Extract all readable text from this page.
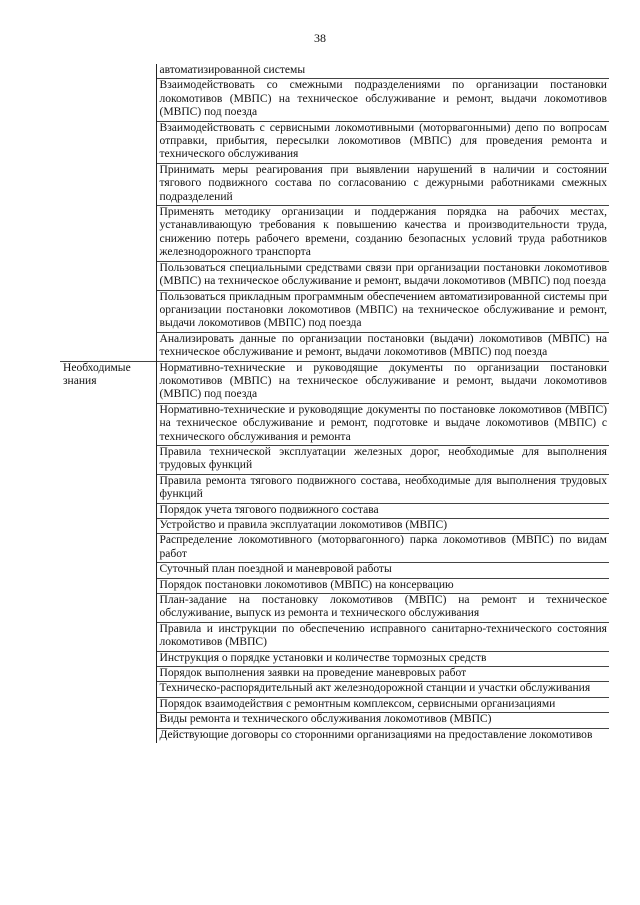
38
	автоматизированной системы
	Взаимодействовать со смежными подразделениями по организации постановки локомотивов (МВПС) на техническое обслуживание и ремонт, выдачи локомотивов (МВПС) под поезда
	Взаимодействовать с сервисными локомотивными (моторвагонными) депо по вопросам отправки, прибытия, пересылки локомотивов (МВПС) для проведения ремонта и технического обслуживания
	Принимать меры реагирования при выявлении нарушений в наличии и состоянии тягового подвижного состава по согласованию с дежурными работниками смежных подразделений
	Применять методику организации и поддержания порядка на рабочих местах, устанавливающую требования к повышению качества и производительности труда, снижению потерь рабочего времени, созданию безопасных условий труда работников железнодорожного транспорта
	Пользоваться специальными средствами связи при организации постановки локомотивов (МВПС) на техническое обслуживание и ремонт, выдачи локомотивов (МВПС) под поезда
	Пользоваться прикладным программным обеспечением автоматизированной системы при организации постановки локомотивов (МВПС) на техническое обслуживание и ремонт, выдачи локомотивов (МВПС) под поезда
	Анализировать данные по организации постановки (выдачи) локомотивов (МВПС) на техническое обслуживание и ремонт, выдачи локомотивов (МВПС) под поезда
Необходимые знания	Нормативно-технические и руководящие документы по организации постановки локомотивов (МВПС) на техническое обслуживание и ремонт, выдачи локомотивов (МВПС) под поезда
	Нормативно-технические и руководящие документы по постановке локомотивов (МВПС) на техническое обслуживание и ремонт, подготовке и выдаче локомотивов (МВПС) с технического обслуживания и ремонта
	Правила технической эксплуатации железных дорог, необходимые для выполнения трудовых функций
	Правила ремонта тягового подвижного состава, необходимые для выполнения трудовых функций
	Порядок учета тягового подвижного состава
	Устройство и правила эксплуатации локомотивов (МВПС)
	Распределение локомотивного (моторвагонного) парка локомотивов (МВПС) по видам работ
	Суточный план поездной и маневровой работы
	Порядок постановки локомотивов (МВПС) на консервацию
	План-задание на постановку локомотивов (МВПС) на ремонт и техническое обслуживание, выпуск из ремонта и технического обслуживания
	Правила и инструкции по обеспечению исправного санитарно-технического состояния локомотивов (МВПС)
	Инструкция о порядке установки и количестве тормозных средств
	Порядок выполнения заявки на проведение маневровых работ
	Техническо-распорядительный акт железнодорожной станции и участки обслуживания
	Порядок взаимодействия с ремонтным комплексом, сервисными организациями
	Виды ремонта и технического обслуживания локомотивов (МВПС)
	Действующие договоры со сторонними организациями на предоставление локомотивов
